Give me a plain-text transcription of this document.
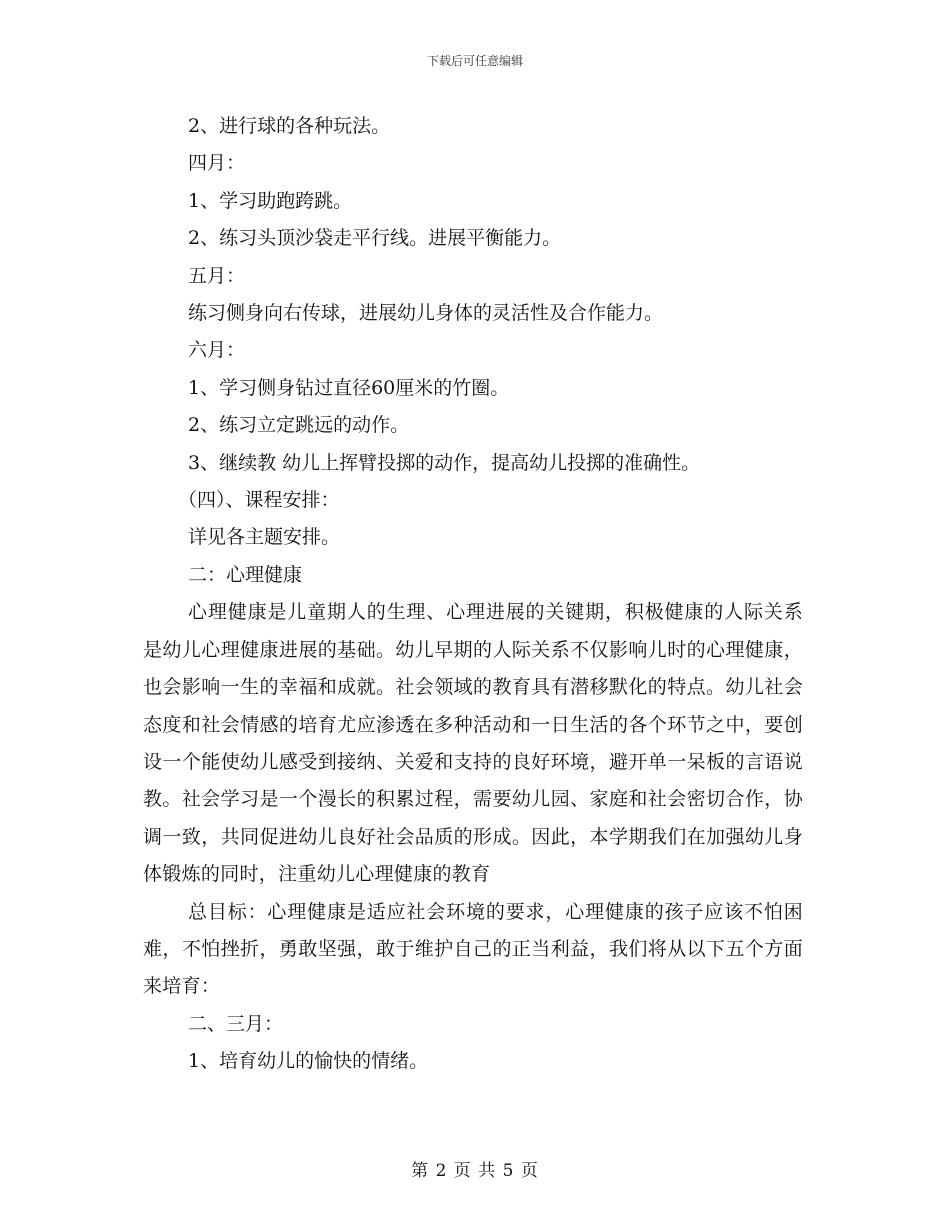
下载后可任意编辑

2、进行球的各种玩法。

四月：

1、学习助跑跨跳。

2、练习头顶沙袋走平行线。进展平衡能力。

五月：

练习侧身向右传球，进展幼儿身体的灵活性及合作能力。

六月：

1、学习侧身钻过直径60厘米的竹圈。

2、练习立定跳远的动作。

3、继续教 幼儿上挥臂投掷的动作，提高幼儿投掷的准确性。

（四）、课程安排：

详见各主题安排。

二：心理健康

心理健康是儿童期人的生理、心理进展的关键期，积极健康的人际关系是幼儿心理健康进展的基础。幼儿早期的人际关系不仅影响儿时的心理健康，也会影响一生的幸福和成就。社会领域的教育具有潜移默化的特点。幼儿社会态度和社会情感的培育尤应渗透在多种活动和一日生活的各个环节之中，要创设一个能使幼儿感受到接纳、关爱和支持的良好环境，避开单一呆板的言语说教。社会学习是一个漫长的积累过程，需要幼儿园、家庭和社会密切合作，协调一致，共同促进幼儿良好社会品质的形成。因此，本学期我们在加强幼儿身体锻炼的同时，注重幼儿心理健康的教育

总目标：心理健康是适应社会环境的要求，心理健康的孩子应该不怕困难，不怕挫折，勇敢坚强，敢于维护自己的正当利益，我们将从以下五个方面来培育：

二、三月：

1、培育幼儿的愉快的情绪。

第 2 页 共 5 页
